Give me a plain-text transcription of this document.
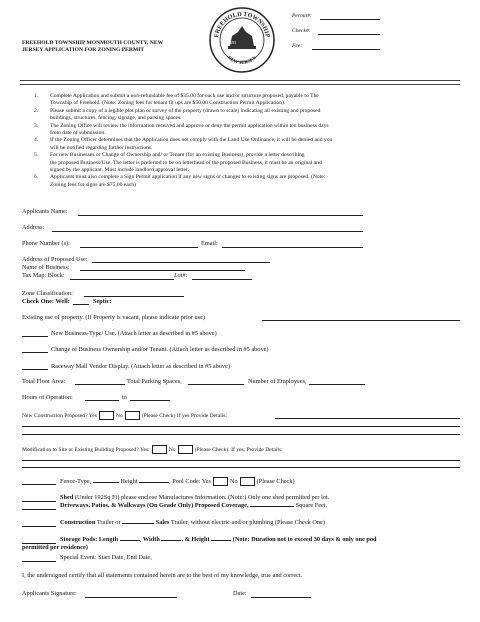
FREEHOLD TOWNSHIP MONMOUTH COUNTY, NEW
JERSEY APPLICATION FOR ZONING PERMIT
FREEHOLD TOWNSHIP
NEW JERSEY
1693
Permit#:
Check#:
Fee:
1. Complete Application and submit a non-refundable fee of $35.00 for each use and/or structure proposed, payable to The
Township of Freehold. (Note: Zoning fees for tenant fit ups are $50.00 Construction Permit Application).
2. Please submit a copy of a legible plot plan or survey of the property (drawn to scale) indicating all existing and proposed
buildings, structures, fencing, signage, and parking spaces.
3. The Zoning Office will review the information received and approve or deny the permit application within ten business days
from date of submission.
4. If the Zoning Officer determines that the Application does not comply with the Land Use Ordinance, it will be denied and you
will be notified regarding further instructions.
5. For new Businesses or Change of Ownership and/ or Tenant (for an existing Business), provide a letter describing
the proposed Business/Use. The letter is preferred to be on letterhead of the proposed Business, it must be an original and
signed by the applicant. Must include landlord approval letter.
6. Applicants must also complete a Sign Permit application if any new signs or changes to existing signs are proposed. (Note:
Zoning fees for signs are $75.00 each)
Applicants Name:
Address:
Phone Number (s):	Email:
Address of Proposed Use:
Name of Business:
Tax Map: Block:	Lot#:
Zone Classification:
Check One: Well:	Septic:
Existing use of property. (If Property is vacant, please indicate prior use)
New Business-Type/ Use. (Attach letter as described in #5 above)
Change of Business Ownership and/or Tenant. (Attach letter as described in #5 above)
Raceway Mall Vendor Display. (Attach letter as described in #5 above)
Total Floor Area:	Total Parking Spaces,	Number of Employees,
Hours of Operation:	to
New Construction Proposed? Yes	No	(Please Check) If yes Provide Details:
Modification to Site or Existing Building Proposed? Yes:	No	(Please Check). If yes, Provide Details:
Fence-Type,	Height	, Pool Code: Yes	No	(Please Check)
Shed (Under 192Sq Ft) please enclose Manufactures Information. (Note:) Only one shed permitted per lot.
Driveways, Patios, & Walkways (On Grade Only) Proposed Coverage,	Square Feet.
Construction Trailer or	Sales Trailer, without electric and/or plumbing (Please Check One)
Storage Pods: Length	, Width	, & Height	(Note: Duration not to exceed 30 days & only one pod
permitted per residence)
Special Event: Start Date, End Date,
I, the undersigned certify that all statements contained herein are to the best of my knowledge, true and correct.
Applicants Signature:	Date:
